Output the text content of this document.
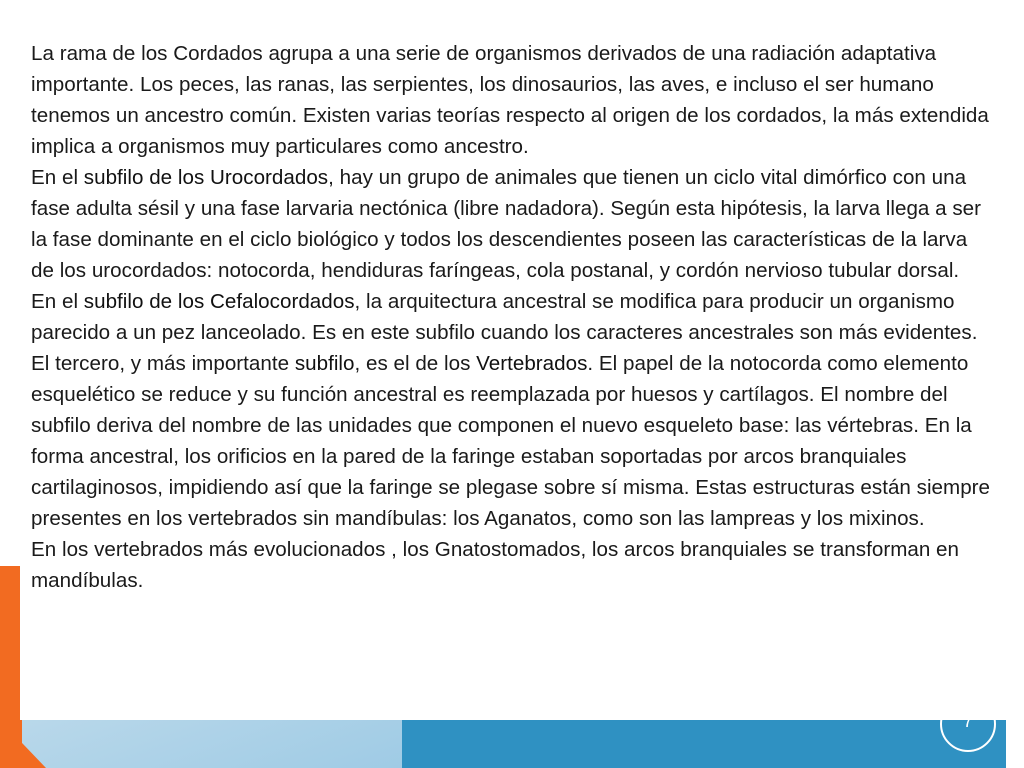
La rama de los Cordados agrupa a una serie de organismos derivados de una radiación adaptativa importante. Los peces, las ranas, las serpientes, los dinosaurios, las aves, e incluso el ser humano tenemos un ancestro común. Existen varias teorías respecto al origen de los cordados, la más extendida implica a organismos muy particulares como ancestro.

En el subfilo de los Urocordados, hay un grupo de animales que tienen un ciclo vital dimórfico con una fase adulta sésil y una fase larvaria nectónica (libre nadadora). Según esta hipótesis, la larva llega a ser la fase dominante en el ciclo biológico y todos los descendientes poseen las características de la larva de los urocordados: notocorda, hendiduras faríngeas, cola postanal, y cordón nervioso tubular dorsal.

En el subfilo de los Cefalocordados, la arquitectura ancestral se modifica para producir un organismo parecido a un pez lanceolado. Es en este subfilo cuando los caracteres ancestrales son más evidentes.

El tercero, y más importante subfilo, es el de los Vertebrados. El papel de la notocorda como elemento esquelético se reduce y su función ancestral es reemplazada por huesos y cartílagos. El nombre del subfilo deriva del nombre de las unidades que componen el nuevo esqueleto base: las vértebras. En la forma ancestral, los orificios en la pared de la faringe estaban soportadas por arcos branquiales cartilaginosos, impidiendo así que la faringe se plegase sobre sí misma. Estas estructuras están siempre presentes en los vertebrados sin mandíbulas: los Aganatos, como son las lampreas y los mixinos.

En los vertebrados más evolucionados , los Gnatostomados, los arcos branquiales se transforman en mandíbulas.

7
